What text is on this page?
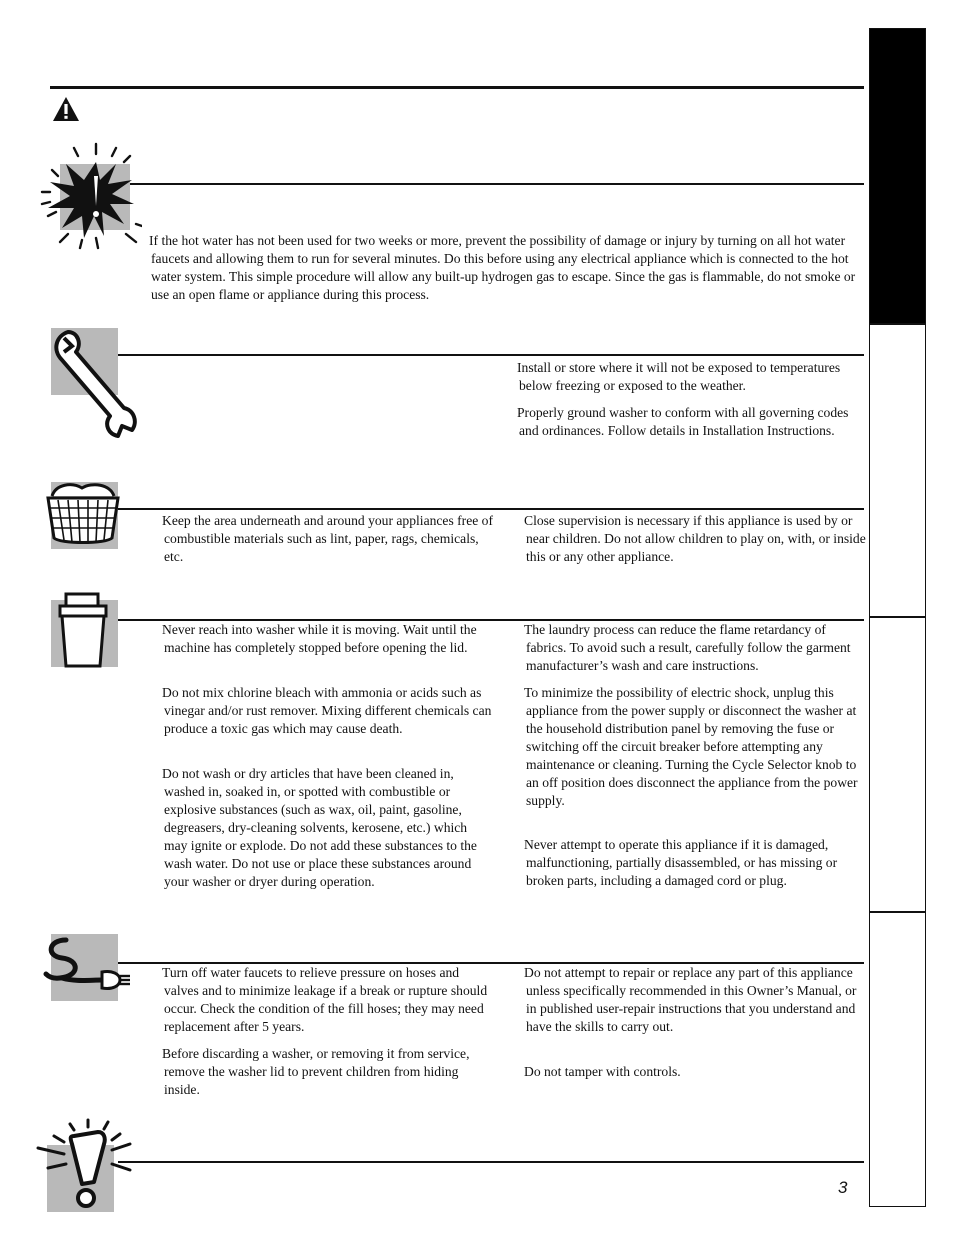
If the hot water has not been used for two weeks or more, prevent the possibility of damage or injury by turning on all hot water faucets and allowing them to run for several minutes. Do this before using any electrical appliance which is connected to the hot water system. This simple procedure will allow any built-up hydrogen gas to escape. Since the gas is flammable, do not smoke or use an open flame or appliance during this process.

Install or store where it will not be exposed to temperatures below freezing or exposed to the weather.

Properly ground washer to conform with all governing codes and ordinances. Follow details in Installation Instructions.

Keep the area underneath and around your appliances free of combustible materials such as lint, paper, rags, chemicals, etc.

Close supervision is necessary if this appliance is used by or near children. Do not allow children to play on, with, or inside this or any other appliance.

Never reach into washer while it is moving. Wait until the machine has completely stopped before opening the lid.

Do not mix chlorine bleach with ammonia or acids such as vinegar and/or rust remover. Mixing different chemicals can produce a toxic gas which may cause death.

Do not wash or dry articles that have been cleaned in, washed in, soaked in, or spotted with combustible or explosive substances (such as wax, oil, paint, gasoline, degreasers, dry-cleaning solvents, kerosene, etc.) which may ignite or explode. Do not add these substances to the wash water. Do not use or place these substances around your washer or dryer during operation.

The laundry process can reduce the flame retardancy of fabrics. To avoid such a result, carefully follow the garment manufacturer’s wash and care instructions.

To minimize the possibility of electric shock, unplug this appliance from the power supply or disconnect the washer at the household distribution panel by removing the fuse or switching off the circuit breaker before attempting any maintenance or cleaning. Turning the Cycle Selector knob to an off position does disconnect the appliance from the power supply.

Never attempt to operate this appliance if it is damaged, malfunctioning, partially disassembled, or has missing or broken parts, including a damaged cord or plug.

Turn off water faucets to relieve pressure on hoses and valves and to minimize leakage if a break or rupture should occur. Check the condition of the fill hoses; they may need replacement after 5 years.

Before discarding a washer, or removing it from service, remove the washer lid to prevent children from hiding inside.

Do not attempt to repair or replace any part of this appliance unless specifically recommended in this Owner’s Manual, or in published user-repair instructions that you understand and have the skills to carry out.

Do not tamper with controls.

3
